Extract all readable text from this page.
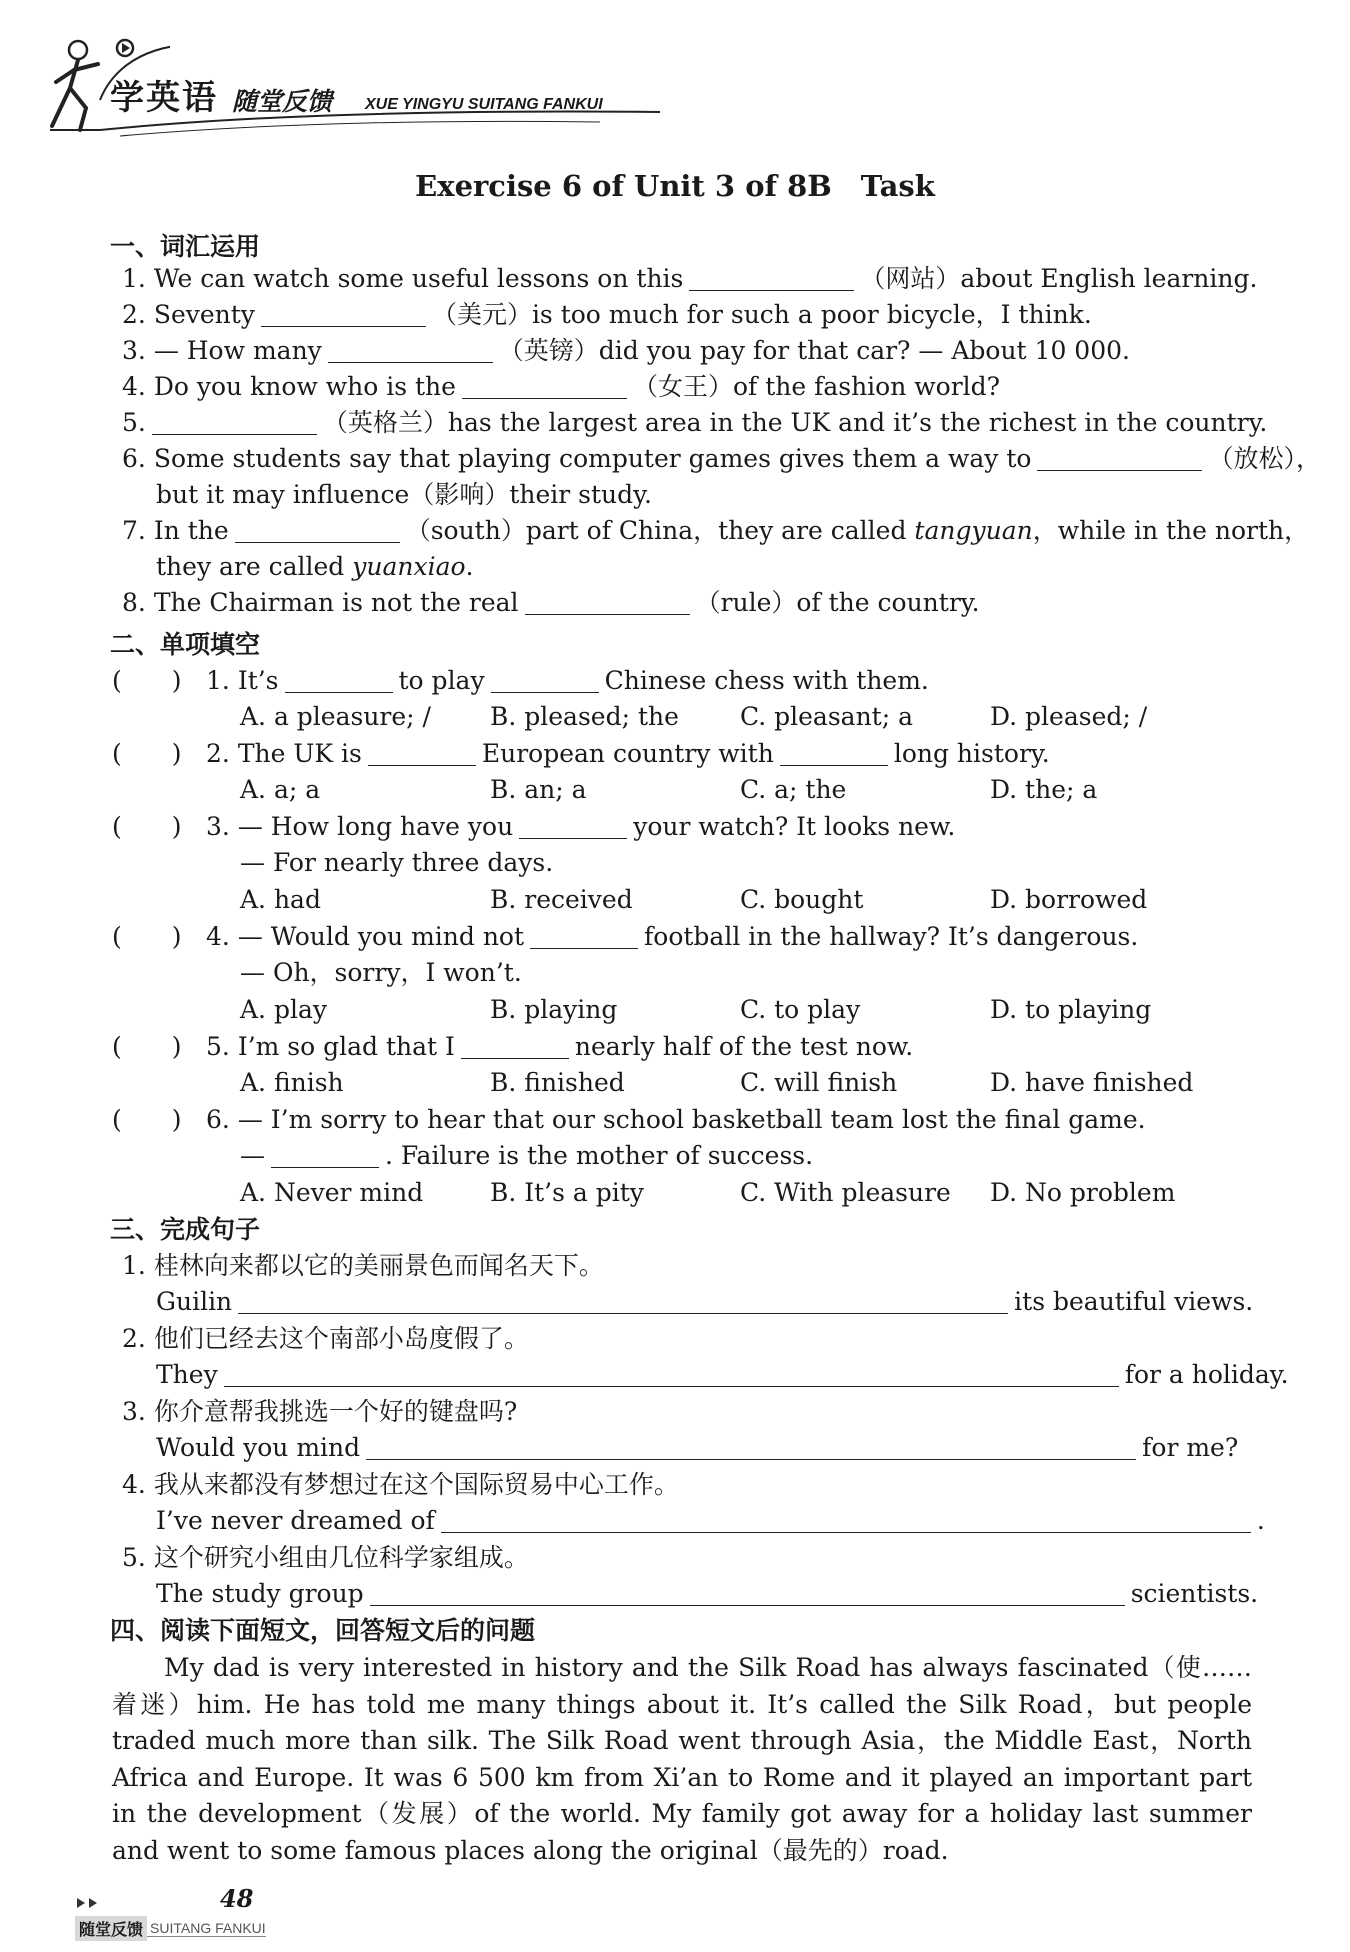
学英语 随堂反馈 XUE YINGYU SUITANG FANKUI
Exercise 6 of Unit 3 of 8B　Task
一、词汇运用
1. We can watch some useful lessons on this	（网站）about English learning.
2. Seventy	（美元）is too much for such a poor bicycle，I think.
3. — How many	（英镑）did you pay for that car? — About 10 000.
4. Do you know who is the	（女王）of the fashion world?
5.	（英格兰）has the largest area in the UK and it’s the richest in the country.
6. Some students say that playing computer games gives them a way to	（放松），
but it may influence（影响）their study.
7. In the	（south）part of China，they are called tangyuan，while in the north，
they are called yuanxiao.
8. The Chairman is not the real	（rule）of the country.
二、单项填空
(　　) 1. It’s	to play	Chinese chess with them.
A. a pleasure; / B. pleased; the C. pleasant; a	D. pleased; /
(　　) 2. The UK is	European country with	long history.
A. a; a	B. an; a	C. a; the	D. the; a
(　　) 3. — How long have you	your watch? It looks new.
— For nearly three days.
A. had	B. received	C. bought	D. borrowed
(　　) 4. — Would you mind not	football in the hallway? It’s dangerous.
— Oh，sorry，I won’t.
A. play	B. playing	C. to play	D. to playing
(　　) 5. I’m so glad that I	nearly half of the test now.
A. finish	B. finished	C. will finish	D. have finished
(　　) 6. — I’m sorry to hear that our school basketball team lost the final game.
—	. Failure is the mother of success.
A. Never mind	B. It’s a pity	C. With pleasure D. No problem
三、完成句子
1. 桂林向来都以它的美丽景色而闻名天下。
Guilin	its beautiful views.
2. 他们已经去这个南部小岛度假了。
They	for a holiday.
3. 你介意帮我挑选一个好的键盘吗?
Would you mind	for me?
4. 我从来都没有梦想过在这个国际贸易中心工作。
I’ve never dreamed of	.
5. 这个研究小组由几位科学家组成。
The study group	scientists.
四、阅读下面短文，回答短文后的问题
My dad is very interested in history and the Silk Road has always fascinated（使……着迷）him. He has told me many things about it. It’s called the Silk Road，but people traded much more than silk. The Silk Road went through Asia，the Middle East，North Africa and Europe. It was 6 500 km from Xi’an to Rome and it played an important part in the development（发展）of the world. My family got away for a holiday last summer and went to some famous places along the original（最先的）road.
48
随堂反馈 SUITANG FANKUI
